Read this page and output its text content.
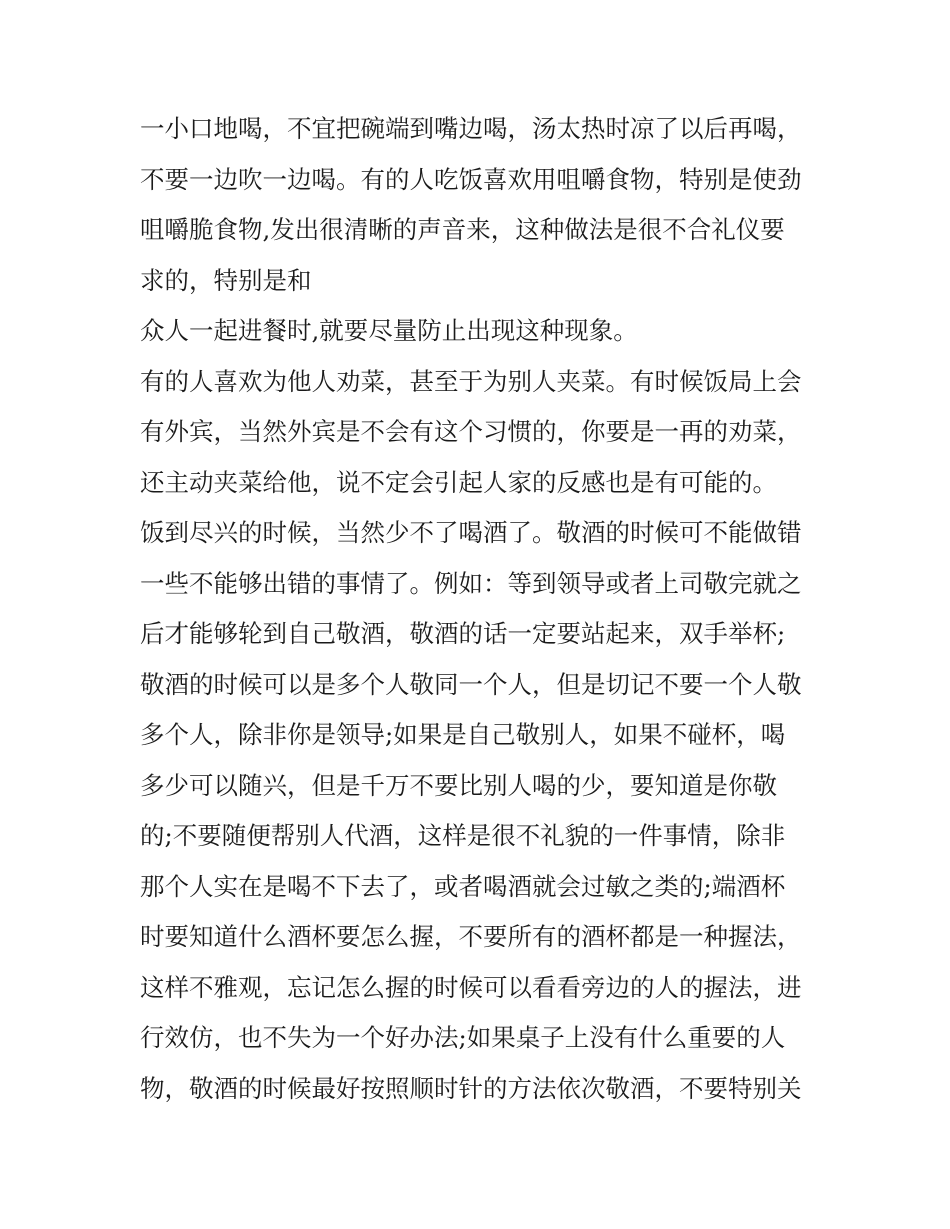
一小口地喝，不宜把碗端到嘴边喝，汤太热时凉了以后再喝，
不要一边吹一边喝。有的人吃饭喜欢用咀嚼食物，特别是使劲
咀嚼脆食物,发出很清晰的声音来，这种做法是很不合礼仪要
求的，特别是和
众人一起进餐时,就要尽量防止出现这种现象。
有的人喜欢为他人劝菜，甚至于为别人夹菜。有时候饭局上会
有外宾，当然外宾是不会有这个习惯的，你要是一再的劝菜，
还主动夹菜给他，说不定会引起人家的反感也是有可能的。
饭到尽兴的时候，当然少不了喝酒了。敬酒的时候可不能做错
一些不能够出错的事情了。例如：等到领导或者上司敬完就之
后才能够轮到自己敬酒，敬酒的话一定要站起来，双手举杯;
敬酒的时候可以是多个人敬同一个人，但是切记不要一个人敬
多个人，除非你是领导;如果是自己敬别人，如果不碰杯，喝
多少可以随兴，但是千万不要比别人喝的少，要知道是你敬
的;不要随便帮别人代酒，这样是很不礼貌的一件事情，除非
那个人实在是喝不下去了，或者喝酒就会过敏之类的;端酒杯
时要知道什么酒杯要怎么握，不要所有的酒杯都是一种握法，
这样不雅观，忘记怎么握的时候可以看看旁边的人的握法，进
行效仿，也不失为一个好办法;如果桌子上没有什么重要的人
物，敬酒的时候最好按照顺时针的方法依次敬酒，不要特别关
